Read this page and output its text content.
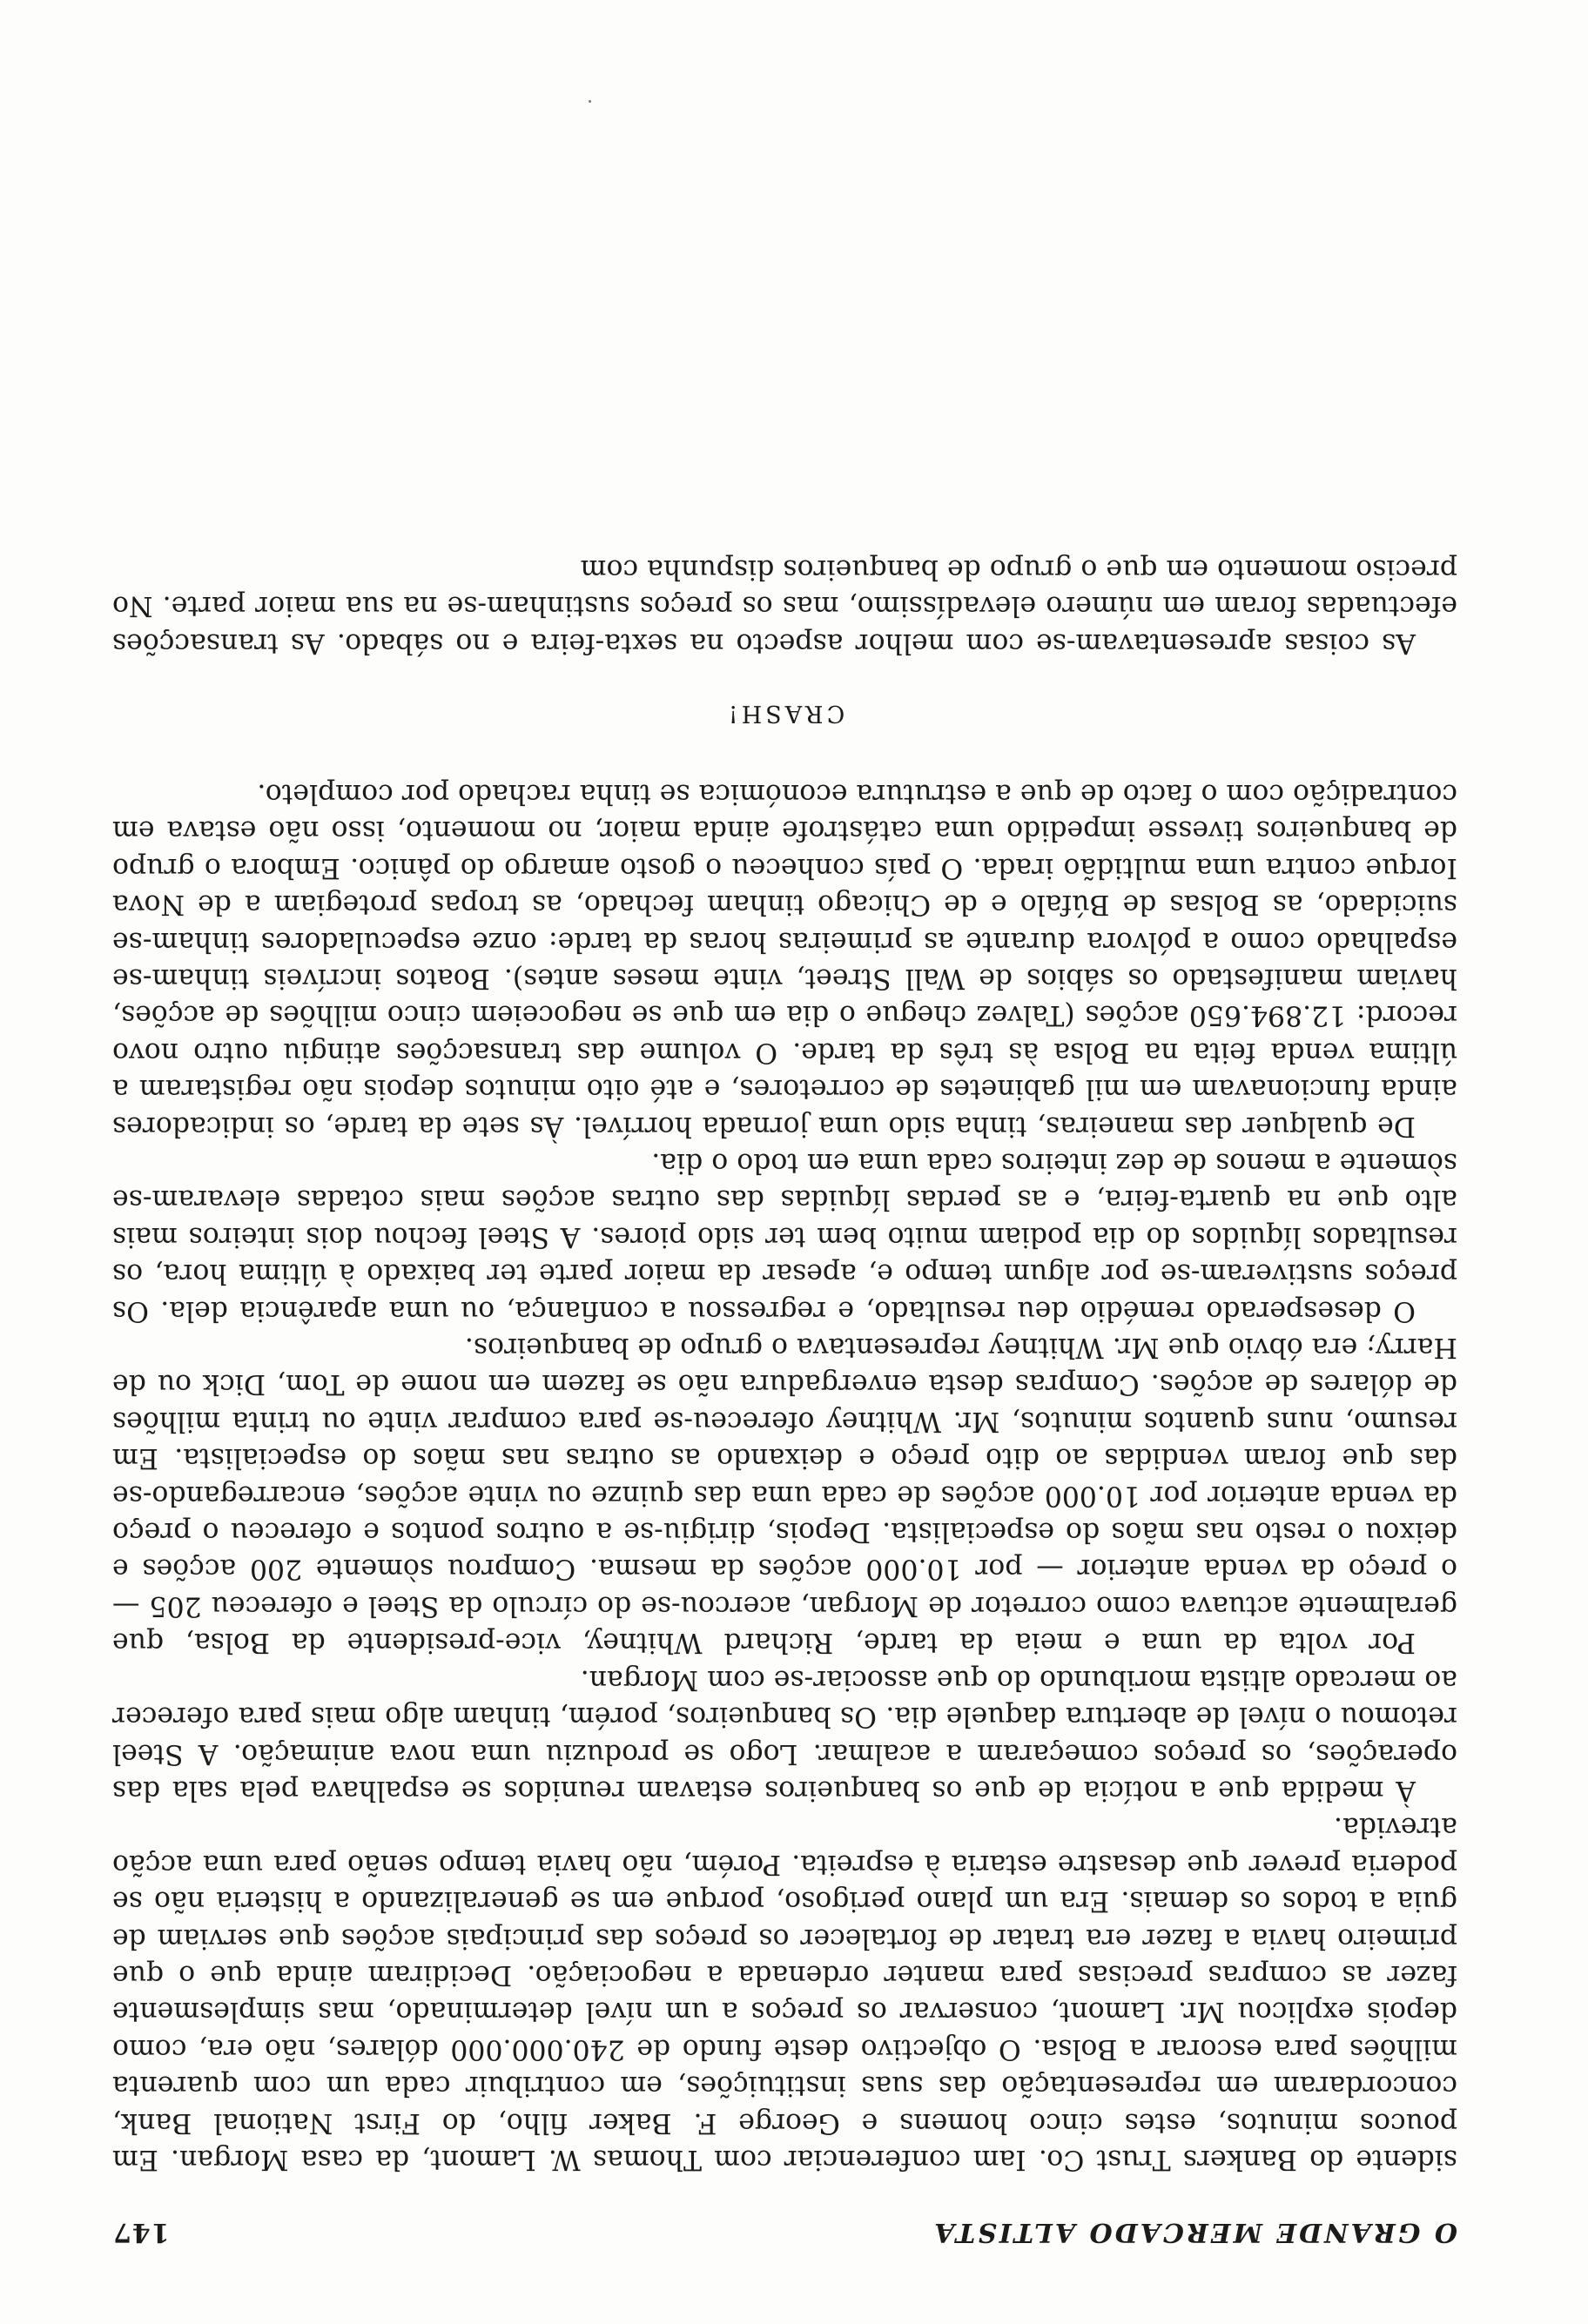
O GRANDE MERCADO ALTISTA
147

sidente do Bankers Trust Co. Iam conferenciar com Thomas W. Lamont, da casa Morgan. Em poucos minutos, estes cinco homens e George F. Baker filho, do First National Bank, concordaram em representação das suas instituições, em contribuir cada um com quarenta milhões para escorar a Bolsa. O objectivo deste fundo de 240.000.000 dólares, não era, como depois explicou Mr. Lamont, conservar os preços a um nível determinado, mas simplesmente fazer as compras precisas para manter ordenada a negociação. Decidiram ainda que o que primeiro havia a fazer era tratar de fortalecer os preços das principais acções que serviam de guia a todos os demais. Era um plano perigoso, porque em se generalizando a histeria não se poderia prever que desastre estaria à espreita. Porém, não havia tempo senão para uma acção atrevida.

À medida que a notícia de que os banqueiros estavam reunidos se espalhava pela sala das operações, os preços começaram a acalmar. Logo se produziu uma nova animação. A Steel retomou o nível de abertura daquele dia. Os banqueiros, porém, tinham algo mais para oferecer ao mercado altista moribundo do que associar-se com Morgan.

Por volta da uma e meia da tarde, Richard Whitney, vice-presidente da Bolsa, que geralmente actuava como corretor de Morgan, acercou-se do círculo da Steel e ofereceu 205 — o preço da venda anterior — por 10.000 acções da mesma. Comprou sòmente 200 acções e deixou o resto nas mãos do especialista. Depois, dirigiu-se a outros pontos e ofereceu o preço da venda anterior por 10.000 acções de cada uma das quinze ou vinte acções, encarregando-se das que foram vendidas ao dito preço e deixando as outras nas mãos do especialista. Em resumo, nuns quantos minutos, Mr. Whitney ofereceu-se para comprar vinte ou trinta milhões de dólares de acções. Compras desta envergadura não se fazem em nome de Tom, Dick ou de Harry; era óbvio que Mr. Whitney representava o grupo de banqueiros.

O desesperado remédio deu resultado, e regressou a confiança, ou uma aparência dela. Os preços sustiveram-se por algum tempo e, apesar da maior parte ter baixado à última hora, os resultados líquidos do dia podiam muito bem ter sido piores. A Steel fechou dois inteiros mais alto que na quarta-feira, e as perdas líquidas das outras acções mais cotadas elevaram-se sòmente a menos de dez inteiros cada uma em todo o dia.

De qualquer das maneiras, tinha sido uma jornada horrível. Às sete da tarde, os indicadores ainda funcionavam em mil gabinetes de corretores, e até oito minutos depois não registaram a última venda feita na Bolsa às três da tarde. O volume das transacções atingiu outro novo record: 12.894.650 acções (Talvez chegue o dia em que se negoceiem cinco milhões de acções, haviam manifestado os sábios de Wall Street, vinte meses antes). Boatos incríveis tinham-se espalhado como a pólvora durante as primeiras horas da tarde: onze especuladores tinham-se suicidado, as Bolsas de Búfalo e de Chicago tinham fechado, as tropas protegiam a de Nova Iorque contra uma multidão irada. O país conheceu o gosto amargo do pânico. Embora o grupo de banqueiros tivesse impedido uma catástrofe ainda maior, no momento, isso não estava em contradição com o facto de que a estrutura económica se tinha rachado por completo.

CRASH!

As coisas apresentavam-se com melhor aspecto na sexta-feira e no sábado. As transacções efectuadas foram em número elevadíssimo, mas os preços sustinham-se na sua maior parte. No preciso momento em que o grupo de banqueiros dispunha com
